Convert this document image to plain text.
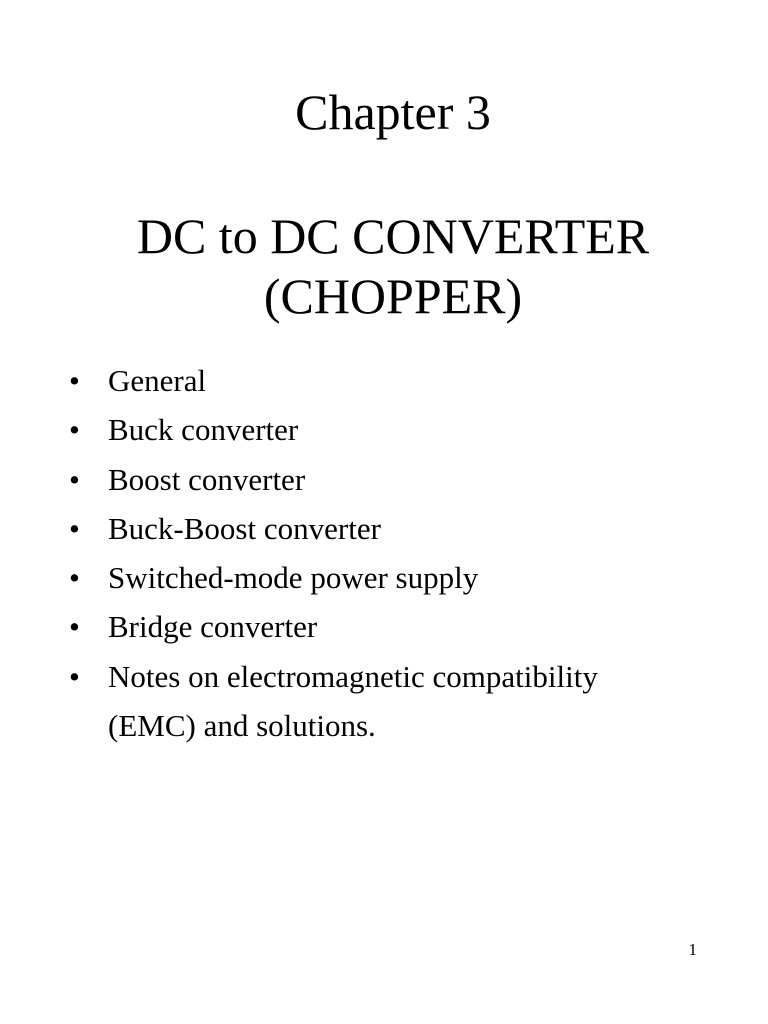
Chapter 3
DC to DC CONVERTER
(CHOPPER)
• General
• Buck converter
• Boost converter
• Buck-Boost converter
• Switched-mode power supply
• Bridge converter
• Notes on electromagnetic compatibility (EMC) and solutions.
1
